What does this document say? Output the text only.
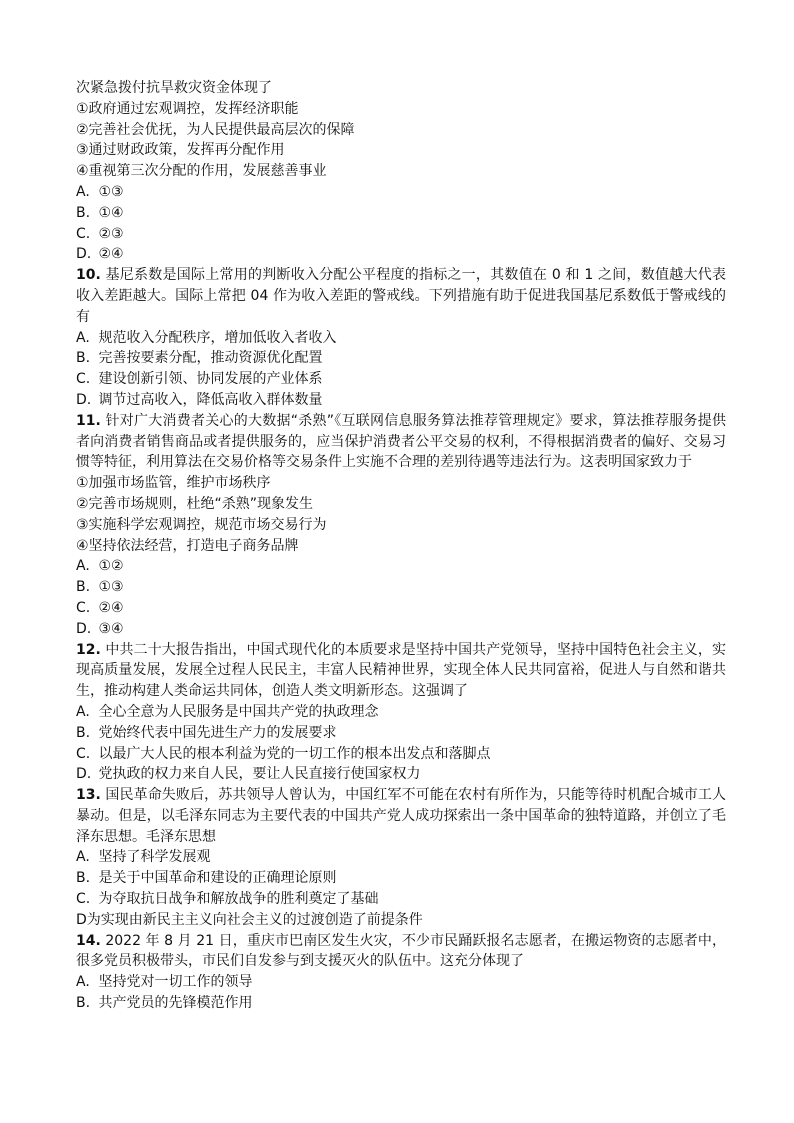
次紧急拨付抗旱救灾资金体现了
①政府通过宏观调控，发挥经济职能
②完善社会优抚，为人民提供最高层次的保障
③通过财政政策，发挥再分配作用
④重视第三次分配的作用，发展慈善事业
A. ①③
B. ①④
C. ②③
D. ②④
10. 基尼系数是国际上常用的判断收入分配公平程度的指标之一，其数值在 0 和 1 之间，数值越大代表收入差距越大。国际上常把 04 作为收入差距的警戒线。下列措施有助于促进我国基尼系数低于警戒线的有
A. 规范收入分配秩序，增加低收入者收入
B. 完善按要素分配，推动资源优化配置
C. 建设创新引领、协同发展的产业体系
D. 调节过高收入，降低高收入群体数量
11. 针对广大消费者关心的大数据“杀熟”《互联网信息服务算法推荐管理规定》要求，算法推荐服务提供者向消费者销售商品或者提供服务的，应当保护消费者公平交易的权利，不得根据消费者的偏好、交易习惯等特征，利用算法在交易价格等交易条件上实施不合理的差别待遇等违法行为。这表明国家致力于
①加强市场监管，维护市场秩序
②完善市场规则，杜绝“杀熟”现象发生
③实施科学宏观调控，规范市场交易行为
④坚持依法经营，打造电子商务品牌
A. ①②
B. ①③
C. ②④
D. ③④
12. 中共二十大报告指出，中国式现代化的本质要求是坚持中国共产党领导，坚持中国特色社会主义，实现高质量发展，发展全过程人民民主，丰富人民精神世界，实现全体人民共同富裕，促进人与自然和谐共生，推动构建人类命运共同体，创造人类文明新形态。这强调了
A. 全心全意为人民服务是中国共产党的执政理念
B. 党始终代表中国先进生产力的发展要求
C. 以最广大人民的根本利益为党的一切工作的根本出发点和落脚点
D. 党执政的权力来自人民，要让人民直接行使国家权力
13. 国民革命失败后，苏共领导人曾认为，中国红军不可能在农村有所作为，只能等待时机配合城市工人暴动。但是，以毛泽东同志为主要代表的中国共产党人成功探索出一条中国革命的独特道路，并创立了毛泽东思想。毛泽东思想
A. 坚持了科学发展观
B. 是关于中国革命和建设的正确理论原则
C. 为夺取抗日战争和解放战争的胜利奠定了基础
D为实现由新民主主义向社会主义的过渡创造了前提条件
14. 2022 年 8 月 21 日，重庆市巴南区发生火灾，不少市民踊跃报名志愿者，在搬运物资的志愿者中，很多党员积极带头，市民们自发参与到支援灭火的队伍中。这充分体现了
A. 坚持党对一切工作的领导
B. 共产党员的先锋模范作用
